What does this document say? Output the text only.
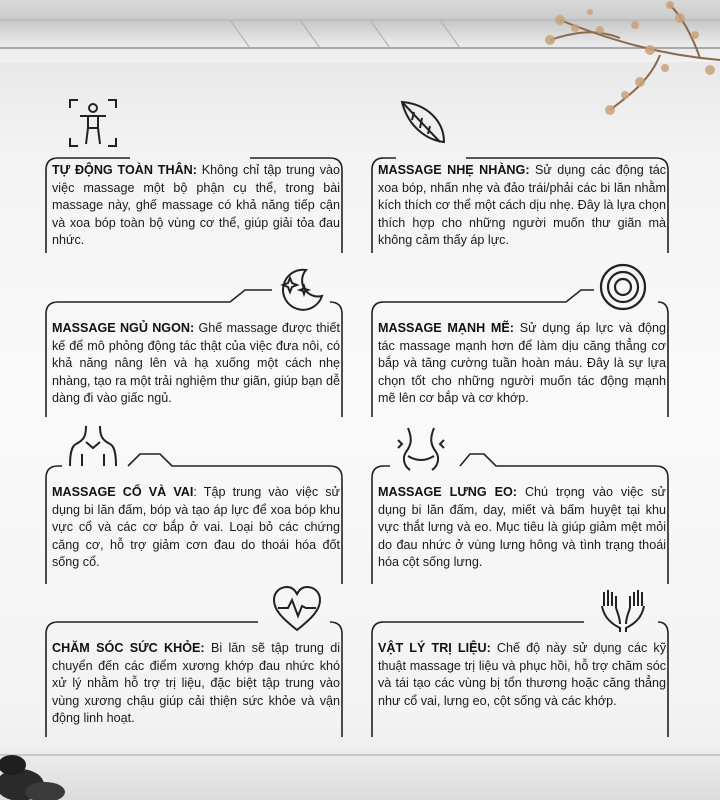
TỰ ĐỘNG TOÀN THÂN: Không chỉ tập trung vào việc massage một bộ phận cụ thể, trong bài massage này, ghế massage có khả năng tiếp cận và xoa bóp toàn bộ vùng cơ thể, giúp giải tỏa đau nhức.
MASSAGE NHẸ NHÀNG: Sử dụng các động tác xoa bóp, nhấn nhẹ và đảo trái/phải các bi lăn nhằm kích thích cơ thể một cách dịu nhẹ. Đây là lựa chọn thích hợp cho những người muốn thư giãn mà không cảm thấy áp lực.
MASSAGE NGỦ NGON: Ghế massage được thiết kế để mô phỏng động tác thật của việc đưa nôi, có khả năng nâng lên và hạ xuống một cách nhẹ nhàng, tạo ra một trải nghiệm thư giãn, giúp bạn dễ dàng đi vào giấc ngủ.
MASSAGE MẠNH MẼ: Sử dụng áp lực và động tác massage mạnh hơn để làm dịu căng thẳng cơ bắp và tăng cường tuần hoàn máu. Đây là sự lựa chọn tốt cho những người muốn tác động mạnh mẽ lên cơ bắp và cơ khớp.
MASSAGE CỔ VÀ VAI: Tập trung vào việc sử dụng bi lăn đấm, bóp và tạo áp lực để xoa bóp khu vực cổ và các cơ bắp ở vai. Loại bỏ các chứng căng cơ, hỗ trợ giảm cơn đau do thoái hóa đốt sống cổ.
MASSAGE LƯNG EO: Chú trọng vào việc sử dụng bi lăn đấm, day, miết và bấm huyệt tại khu vực thắt lưng và eo. Mục tiêu là giúp giảm mệt mỏi do đau nhức ở vùng lưng hông và tình trạng thoái hóa cột sống lưng.
CHĂM SÓC SỨC KHỎE: Bi lăn sẽ tập trung di chuyển đến các điểm xương khớp đau nhức khó xử lý nhằm hỗ trợ trị liệu, đặc biệt tập trung vào vùng xương chậu giúp cải thiện sức khỏe và vận động linh hoạt.
VẬT LÝ TRỊ LIỆU: Chế độ này sử dụng các kỹ thuật massage trị liệu và phục hồi, hỗ trợ chăm sóc và tái tạo các vùng bị tổn thương hoặc căng thẳng như cổ vai, lưng eo, cột sống và các khớp.
